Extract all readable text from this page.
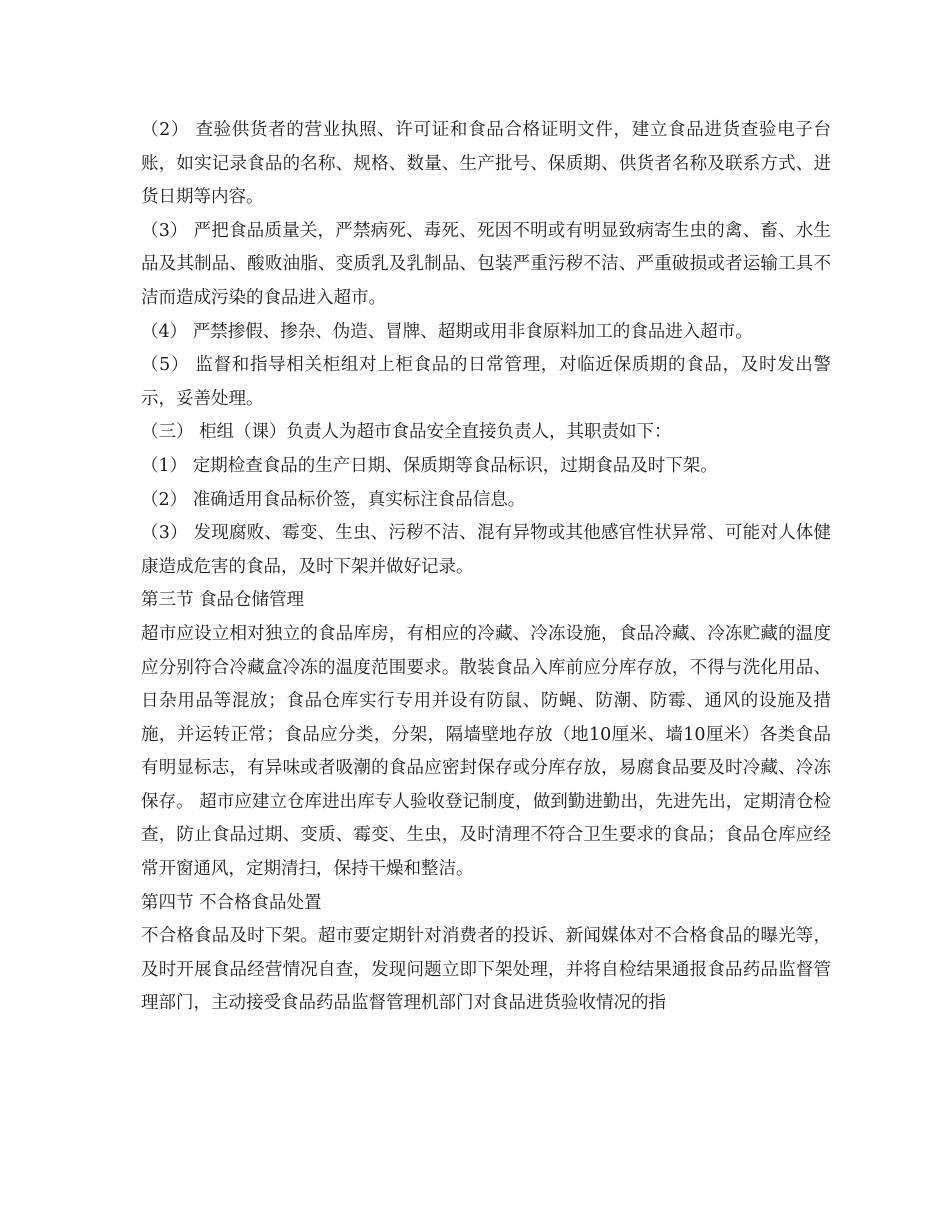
（2） 查验供货者的营业执照、许可证和食品合格证明文件，建立食品进货查验电子台账，如实记录食品的名称、规格、数量、生产批号、保质期、供货者名称及联系方式、进货日期等内容。

（3） 严把食品质量关，严禁病死、毒死、死因不明或有明显致病寄生虫的禽、畜、水生品及其制品、酸败油脂、变质乳及乳制品、包装严重污秽不洁、严重破损或者运输工具不洁而造成污染的食品进入超市。

（4） 严禁掺假、掺杂、伪造、冒牌、超期或用非食原料加工的食品进入超市。

（5） 监督和指导相关柜组对上柜食品的日常管理，对临近保质期的食品，及时发出警示，妥善处理。

（三） 柜组（课）负责人为超市食品安全直接负责人，其职责如下：

（1） 定期检查食品的生产日期、保质期等食品标识，过期食品及时下架。

（2） 准确适用食品标价签，真实标注食品信息。

（3） 发现腐败、霉变、生虫、污秽不洁、混有异物或其他感官性状异常、可能对人体健康造成危害的食品，及时下架并做好记录。

第三节 食品仓储管理

超市应设立相对独立的食品库房，有相应的冷藏、冷冻设施，食品冷藏、冷冻贮藏的温度应分别符合冷藏盒冷冻的温度范围要求。散装食品入库前应分库存放，不得与洗化用品、日杂用品等混放；食品仓库实行专用并设有防鼠、防蝇、防潮、防霉、通风的设施及措施，并运转正常；食品应分类，分架，隔墙壁地存放（地10厘米、墙10厘米）各类食品有明显标志，有异味或者吸潮的食品应密封保存或分库存放，易腐食品要及时冷藏、冷冻保存。 超市应建立仓库进出库专人验收登记制度，做到勤进勤出，先进先出，定期清仓检查，防止食品过期、变质、霉变、生虫，及时清理不符合卫生要求的食品；食品仓库应经常开窗通风，定期清扫，保持干燥和整洁。

第四节 不合格食品处置

不合格食品及时下架。超市要定期针对消费者的投诉、新闻媒体对不合格食品的曝光等，及时开展食品经营情况自查，发现问题立即下架处理，并将自检结果通报食品药品监督管理部门，主动接受食品药品监督管理机部门对食品进货验收情况的指
